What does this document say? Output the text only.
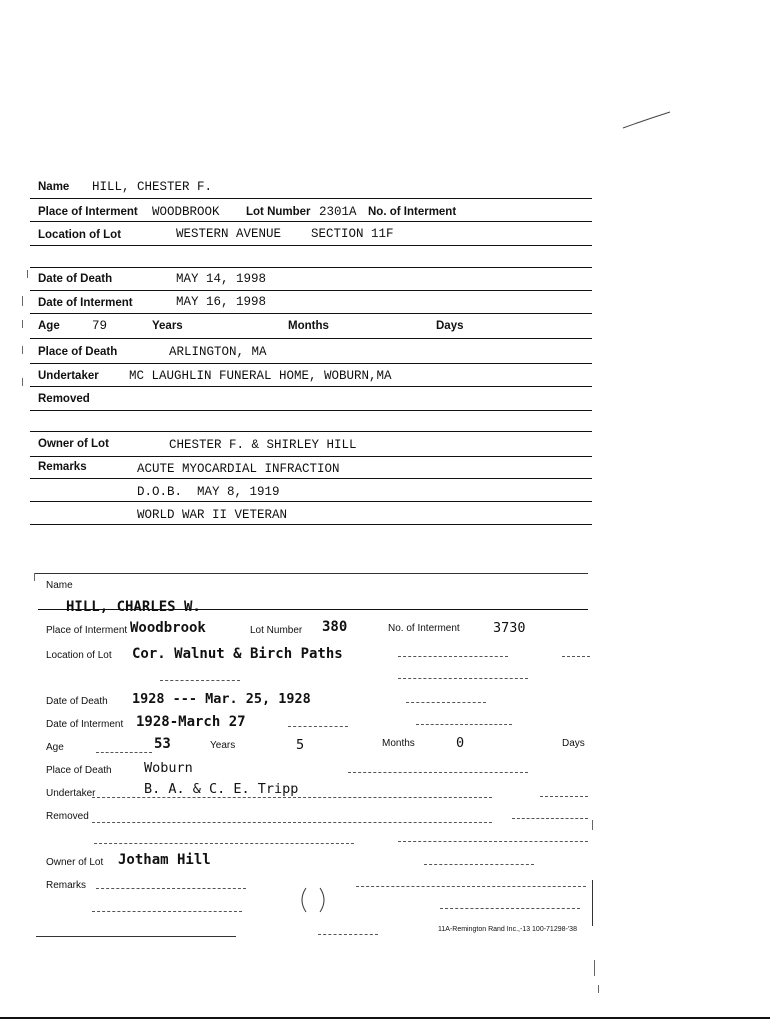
Name HILL, CHESTER F.
Place of Interment WOODBROOK Lot Number 2301A No. of Interment
Location of Lot	WESTERN AVENUE    SECTION 11F
Date of Death	MAY 14, 1998
Date of Interment	MAY 16, 1998
Age	79	Years	Months	Days
Place of Death	ARLINGTON, MA
Undertaker MC LAUGHLIN FUNERAL HOME, WOBURN,MA
Removed
Owner of Lot	CHESTER F. & SHIRLEY HILL
Remarks	ACUTE MYOCARDIAL INFRACTION
D.O.B.  MAY 8, 1919
WORLD WAR II VETERAN
Name
HILL, CHARLES W.
Place of Interment Woodbrook	Lot Number 380	No. of Interment 3730
Location of Lot Cor. Walnut & Birch Paths
Date of Death 1928 --- Mar. 25, 1928
Date of Interment 1928-March 27
Age	53	Years	5	Months	0	Days
Place of Death Woburn
Undertaker	B. A. & C. E. Tripp
Removed
Owner of Lot Jotham Hill
Remarks
11A-Remington Rand Inc.,-13 100-71298-'38
